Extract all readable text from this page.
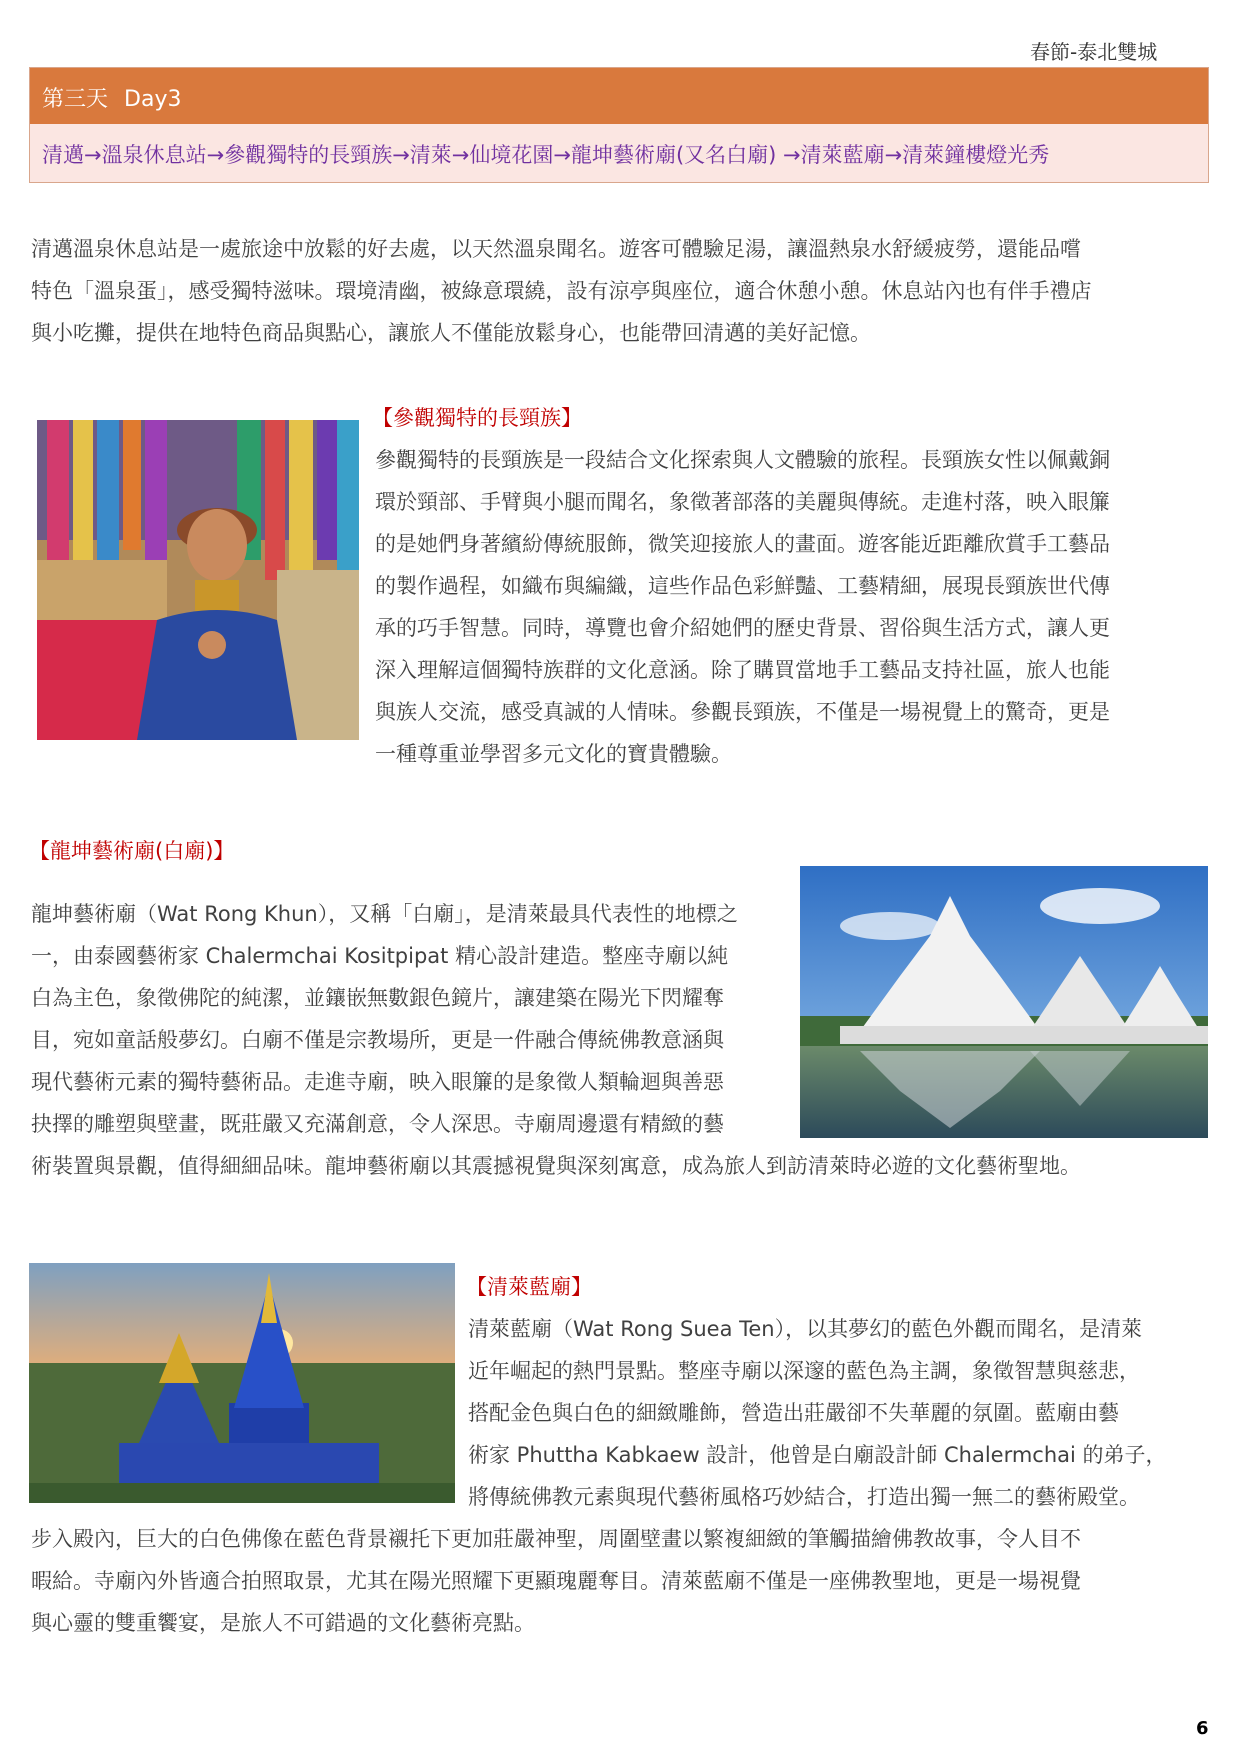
春節-泰北雙城
第三天 Day3
清邁→溫泉休息站→參觀獨特的長頸族→清萊→仙境花園→龍坤藝術廟(又名白廟) →清萊藍廟→清萊鐘樓燈光秀
清邁溫泉休息站是一處旅途中放鬆的好去處，以天然溫泉聞名。遊客可體驗足湯，讓溫熱泉水舒緩疲勞，還能品嚐
特色「溫泉蛋」，感受獨特滋味。環境清幽，被綠意環繞，設有涼亭與座位，適合休憩小憩。休息站內也有伴手禮店
與小吃攤，提供在地特色商品與點心，讓旅人不僅能放鬆身心，也能帶回清邁的美好記憶。
【參觀獨特的長頸族】
參觀獨特的長頸族是一段結合文化探索與人文體驗的旅程。長頸族女性以佩戴銅
環於頸部、手臂與小腿而聞名，象徵著部落的美麗與傳統。走進村落，映入眼簾
的是她們身著繽紛傳統服飾，微笑迎接旅人的畫面。遊客能近距離欣賞手工藝品
的製作過程，如織布與編織，這些作品色彩鮮豔、工藝精細，展現長頸族世代傳
承的巧手智慧。同時，導覽也會介紹她們的歷史背景、習俗與生活方式，讓人更
深入理解這個獨特族群的文化意涵。除了購買當地手工藝品支持社區，旅人也能
與族人交流，感受真誠的人情味。參觀長頸族，不僅是一場視覺上的驚奇，更是
一種尊重並學習多元文化的寶貴體驗。
【龍坤藝術廟(白廟)】
龍坤藝術廟（Wat Rong Khun），又稱「白廟」，是清萊最具代表性的地標之
一，由泰國藝術家 Chalermchai Kositpipat 精心設計建造。整座寺廟以純
白為主色，象徵佛陀的純潔，並鑲嵌無數銀色鏡片，讓建築在陽光下閃耀奪
目，宛如童話般夢幻。白廟不僅是宗教場所，更是一件融合傳統佛教意涵與
現代藝術元素的獨特藝術品。走進寺廟，映入眼簾的是象徵人類輪迴與善惡
抉擇的雕塑與壁畫，既莊嚴又充滿創意，令人深思。寺廟周邊還有精緻的藝
術裝置與景觀，值得細細品味。龍坤藝術廟以其震撼視覺與深刻寓意，成為旅人到訪清萊時必遊的文化藝術聖地。
【清萊藍廟】
清萊藍廟（Wat Rong Suea Ten），以其夢幻的藍色外觀而聞名，是清萊
近年崛起的熱門景點。整座寺廟以深邃的藍色為主調，象徵智慧與慈悲，
搭配金色與白色的細緻雕飾，營造出莊嚴卻不失華麗的氛圍。藍廟由藝
術家 Phuttha Kabkaew 設計，他曾是白廟設計師 Chalermchai 的弟子，
將傳統佛教元素與現代藝術風格巧妙結合，打造出獨一無二的藝術殿堂。
步入殿內，巨大的白色佛像在藍色背景襯托下更加莊嚴神聖，周圍壁畫以繁複細緻的筆觸描繪佛教故事，令人目不
暇給。寺廟內外皆適合拍照取景，尤其在陽光照耀下更顯瑰麗奪目。清萊藍廟不僅是一座佛教聖地，更是一場視覺
與心靈的雙重饗宴，是旅人不可錯過的文化藝術亮點。
6
